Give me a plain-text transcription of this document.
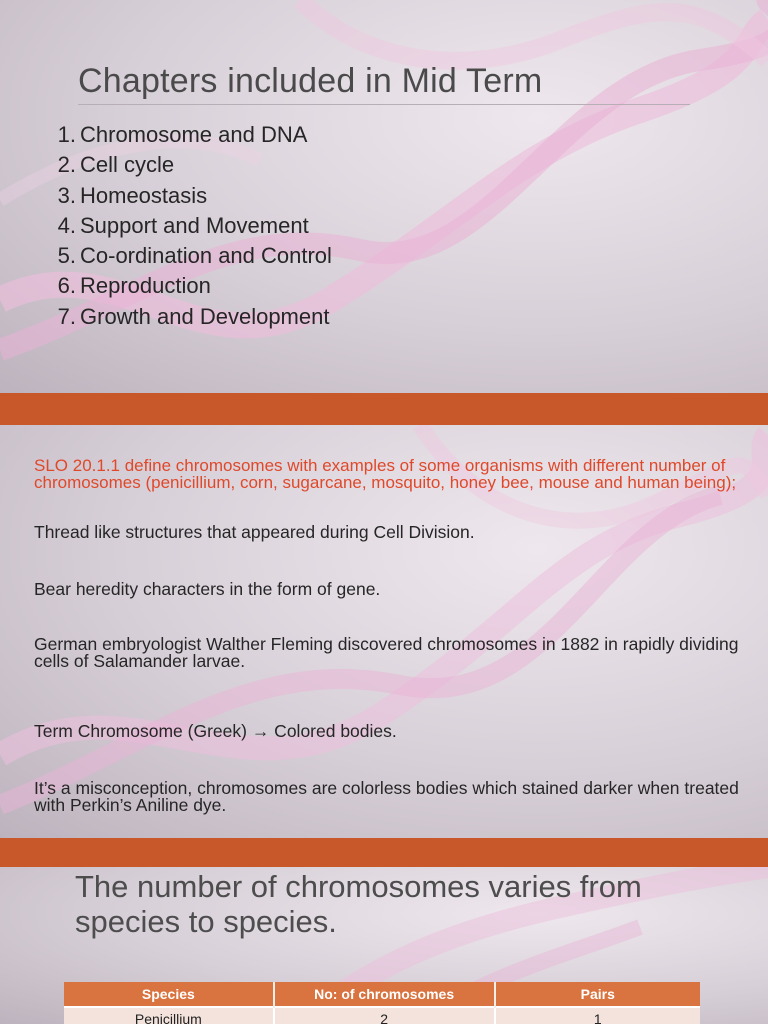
Chapters included in Mid Term
1. Chromosome and DNA
2. Cell cycle
3. Homeostasis
4. Support and Movement
5. Co-ordination and Control
6. Reproduction
7. Growth and Development
SLO 20.1.1 define chromosomes with examples of some organisms with different number of chromosomes (penicillium, corn, sugarcane, mosquito, honey bee, mouse and human being);
Thread like structures that appeared during Cell Division.
Bear heredity characters in the form of gene.
German embryologist Walther Fleming discovered chromosomes in 1882 in rapidly dividing cells of Salamander larvae.
Term Chromosome (Greek) → Colored bodies.
It’s a misconception, chromosomes are colorless bodies which stained darker when treated with Perkin’s Aniline dye.
The number of chromosomes varies from species to species.
Species	No: of chromosomes	Pairs
Penicillium	2	1
